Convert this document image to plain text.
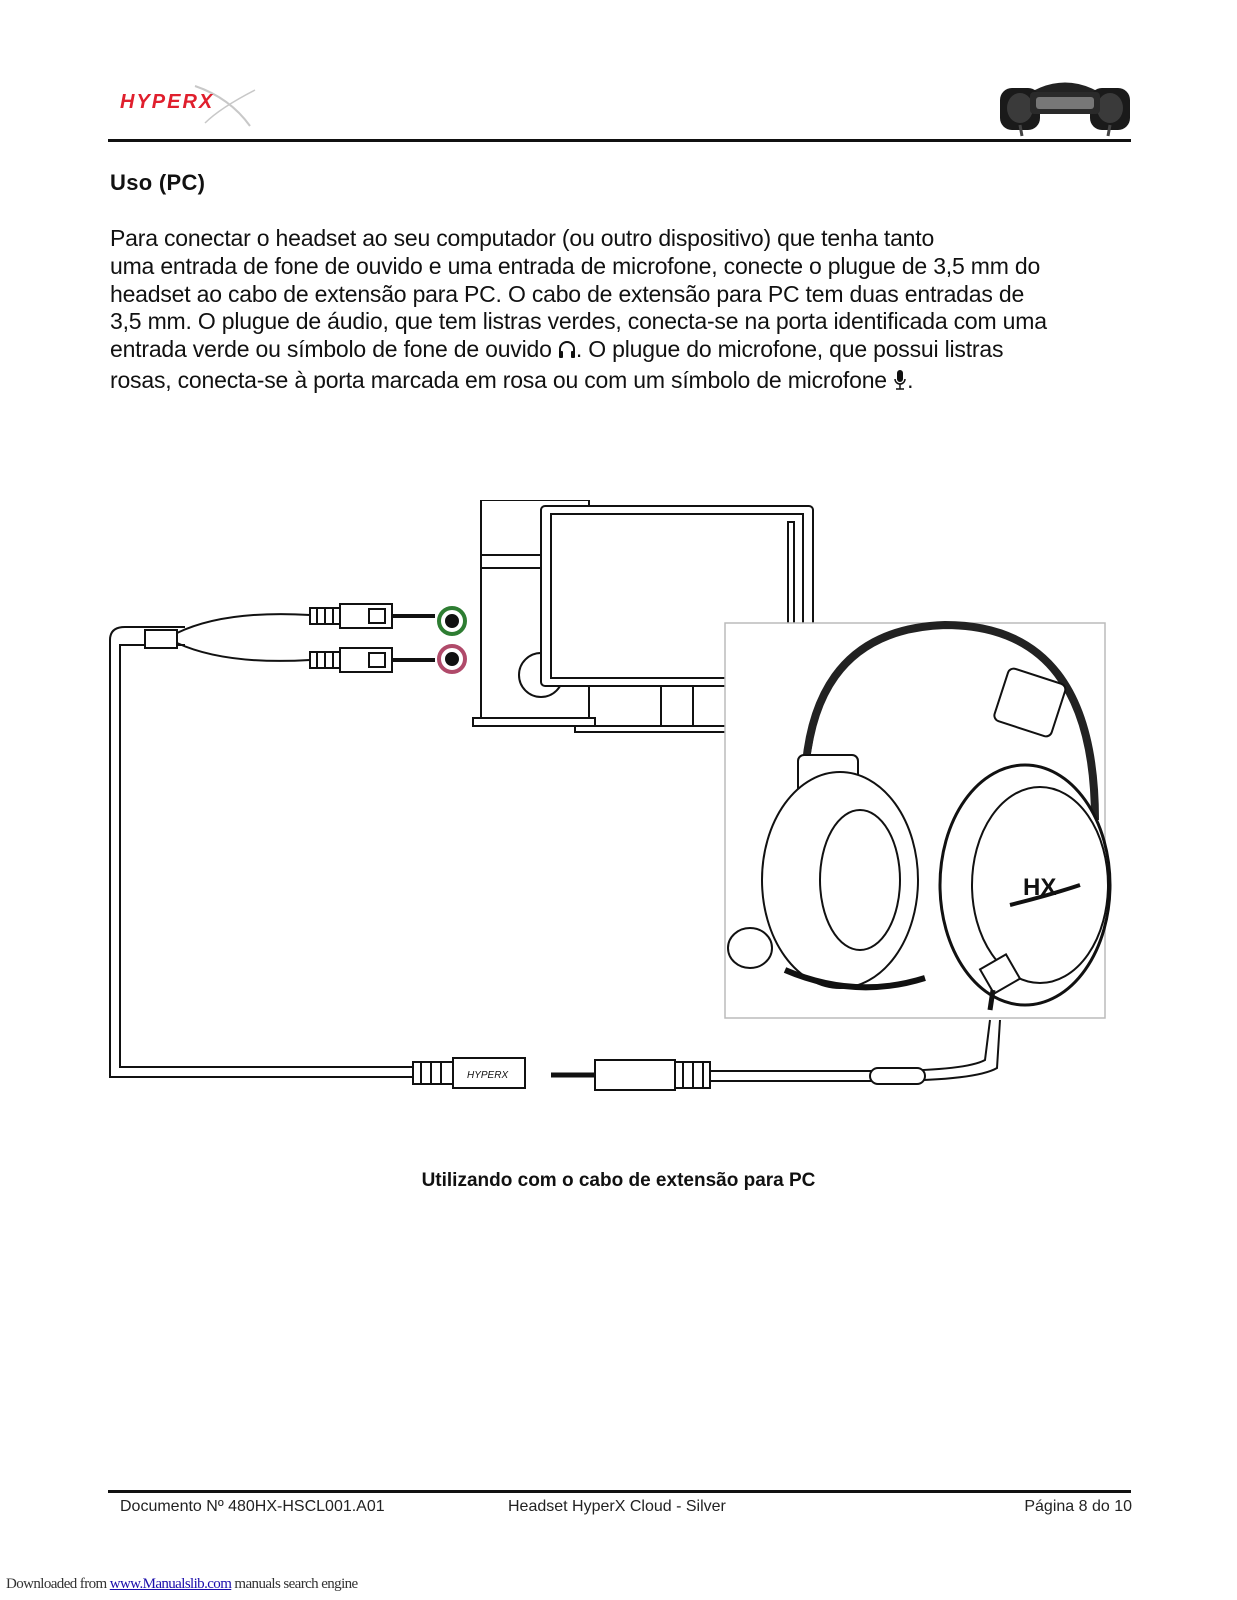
HYPERX
Uso (PC)
Para conectar o headset ao seu computador (ou outro dispositivo) que tenha tanto
uma entrada de fone de ouvido e uma entrada de microfone, conecte o plugue de 3,5 mm do
headset ao cabo de extensão para PC. O cabo de extensão para PC tem duas entradas de
3,5 mm. O plugue de áudio, que tem listras verdes, conecta-se na porta identificada com uma
entrada verde ou símbolo de fone de ouvido . O plugue do microfone, que possui listras
rosas, conecta-se à porta marcada em rosa ou com um símbolo de microfone .
HX
HYPERX
Utilizando com o cabo de extensão para PC
Documento Nº 480HX-HSCL001.A01	Headset HyperX Cloud - Silver	Página 8 do 10
Downloaded from www.Manualslib.com manuals search engine
